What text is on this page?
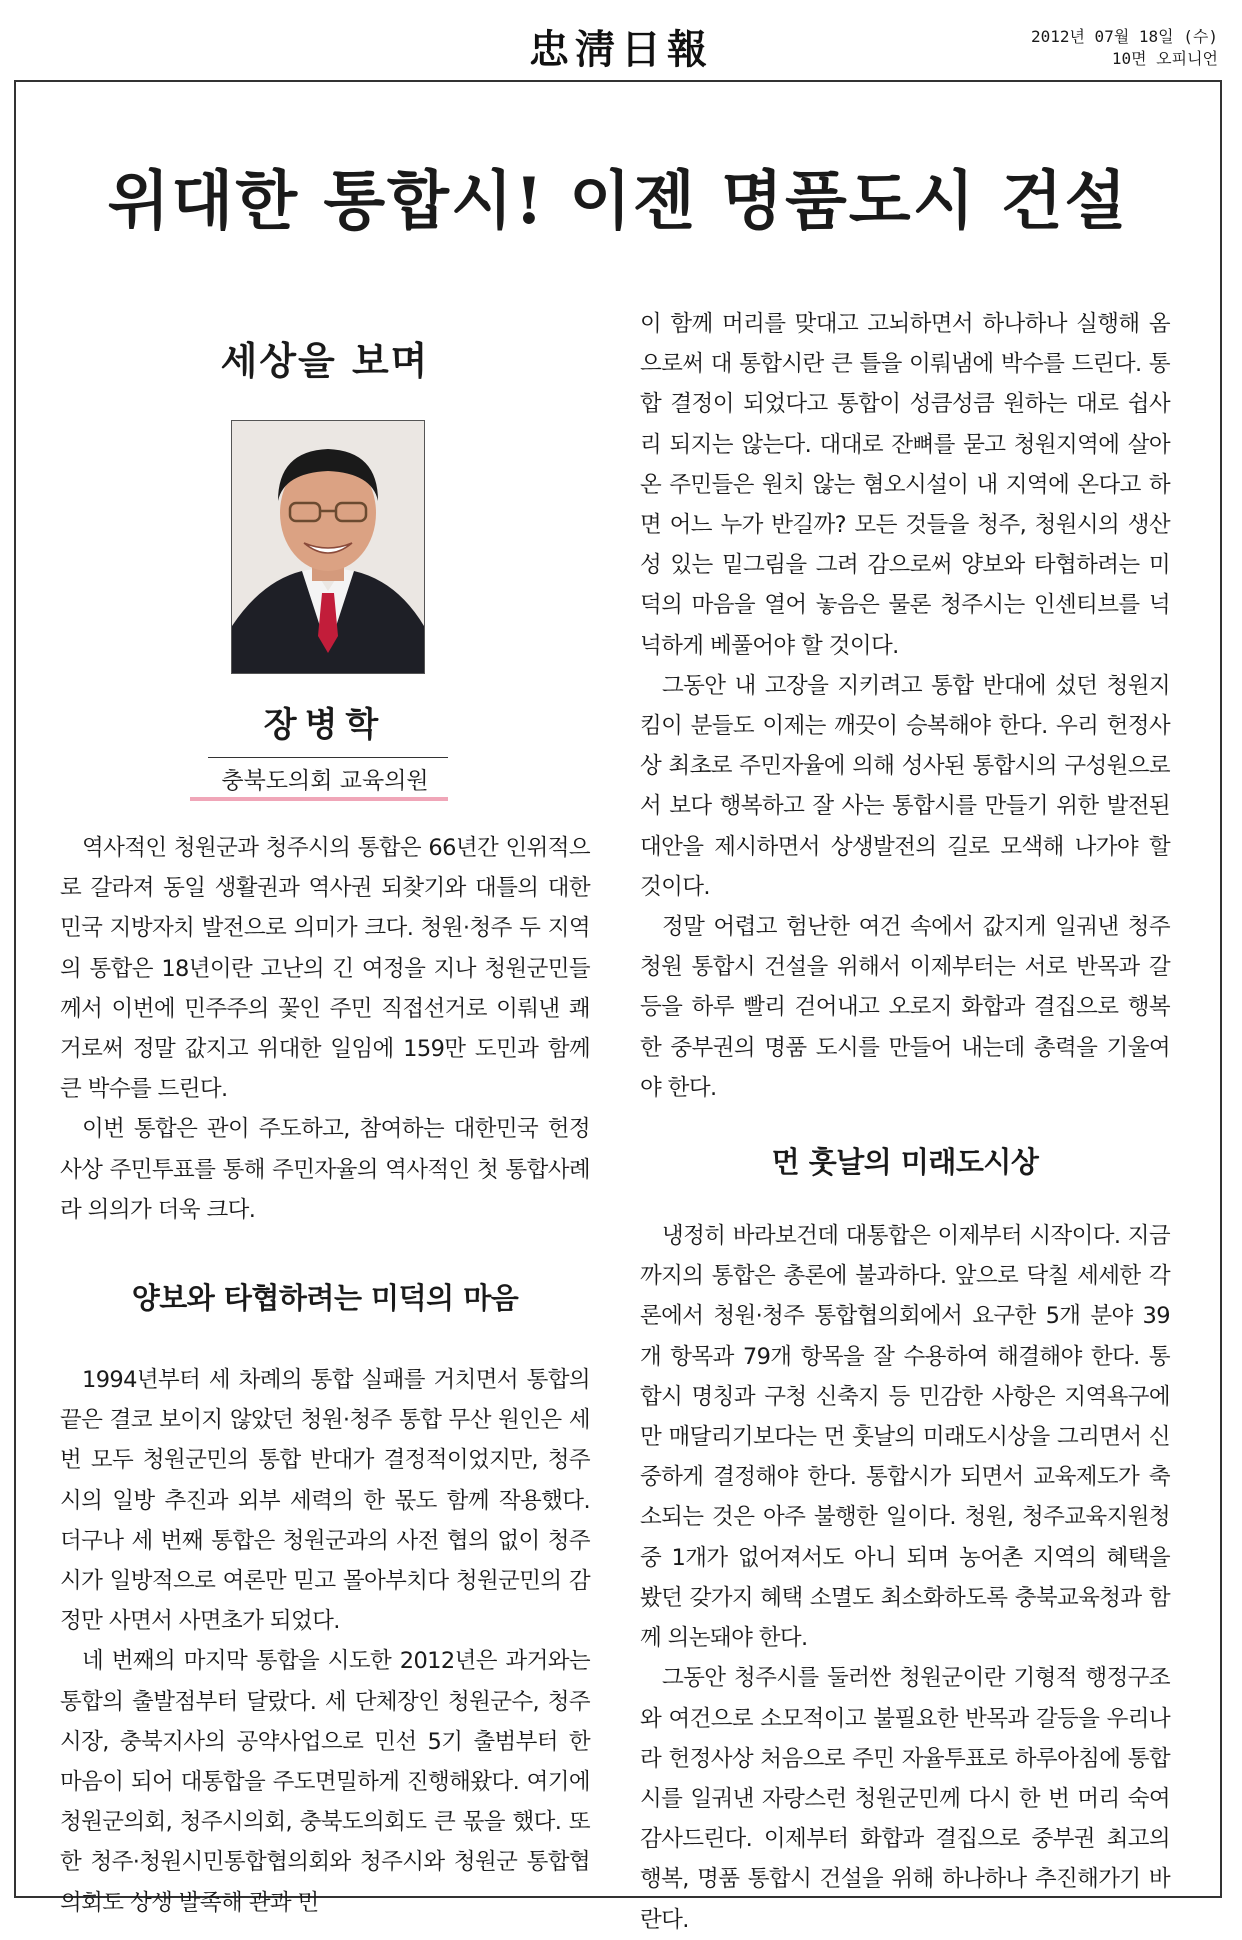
忠淸日報	2012년 07월 18일 (수)
10면 오피니언
위대한 통합시! 이젠 명품도시 건설
세상을 보며
장병학
충북도의회 교육의원

역사적인 청원군과 청주시의 통합은 66년간 인위적으로 갈라져 동일 생활권과 역사권 되찾기와 대틀의 대한민국 지방자치 발전으로 의미가 크다. 청원·청주 두 지역의 통합은 18년이란 고난의 긴 여정을 지나 청원군민들께서 이번에 민주주의 꽃인 주민 직접선거로 이뤄낸 쾌거로써 정말 값지고 위대한 일임에 159만 도민과 함께 큰 박수를 드린다.

이번 통합은 관이 주도하고, 참여하는 대한민국 헌정사상 주민투표를 통해 주민자율의 역사적인 첫 통합사례라 의의가 더욱 크다.

양보와 타협하려는 미덕의 마음

1994년부터 세 차례의 통합 실패를 거치면서 통합의 끝은 결코 보이지 않았던 청원·청주 통합 무산 원인은 세 번 모두 청원군민의 통합 반대가 결정적이었지만, 청주시의 일방 추진과 외부 세력의 한 몫도 함께 작용했다. 더구나 세 번째 통합은 청원군과의 사전 협의 없이 청주시가 일방적으로 여론만 믿고 몰아부치다 청원군민의 감정만 사면서 사면초가 되었다.

네 번째의 마지막 통합을 시도한 2012년은 과거와는 통합의 출발점부터 달랐다. 세 단체장인 청원군수, 청주시장, 충북지사의 공약사업으로 민선 5기 출범부터 한 마음이 되어 대통합을 주도면밀하게 진행해왔다. 여기에 청원군의회, 청주시의회, 충북도의회도 큰 몫을 했다. 또한 청주·청원시민통합협의회와 청주시와 청원군 통합협의회도 상생 발족해 관과 민

이 함께 머리를 맞대고 고뇌하면서 하나하나 실행해 옴으로써 대 통합시란 큰 틀을 이뤄냄에 박수를 드린다. 통합 결정이 되었다고 통합이 성큼성큼 원하는 대로 쉽사리 되지는 않는다. 대대로 잔뼈를 묻고 청원지역에 살아온 주민들은 원치 않는 혐오시설이 내 지역에 온다고 하면 어느 누가 반길까? 모든 것들을 청주, 청원시의 생산성 있는 밑그림을 그려 감으로써 양보와 타협하려는 미덕의 마음을 열어 놓음은 물론 청주시는 인센티브를 넉넉하게 베풀어야 할 것이다.

그동안 내 고장을 지키려고 통합 반대에 섰던 청원지킴이 분들도 이제는 깨끗이 승복해야 한다. 우리 헌정사상 최초로 주민자율에 의해 성사된 통합시의 구성원으로서 보다 행복하고 잘 사는 통합시를 만들기 위한 발전된 대안을 제시하면서 상생발전의 길로 모색해 나가야 할 것이다.

정말 어렵고 험난한 여건 속에서 값지게 일궈낸 청주 청원 통합시 건설을 위해서 이제부터는 서로 반목과 갈등을 하루 빨리 걷어내고 오로지 화합과 결집으로 행복한 중부권의 명품 도시를 만들어 내는데 총력을 기울여야 한다.

먼 훗날의 미래도시상

냉정히 바라보건데 대통합은 이제부터 시작이다. 지금까지의 통합은 총론에 불과하다. 앞으로 닥칠 세세한 각론에서 청원·청주 통합협의회에서 요구한 5개 분야 39개 항목과 79개 항목을 잘 수용하여 해결해야 한다. 통합시 명칭과 구청 신축지 등 민감한 사항은 지역욕구에만 매달리기보다는 먼 훗날의 미래도시상을 그리면서 신중하게 결정해야 한다. 통합시가 되면서 교육제도가 축소되는 것은 아주 불행한 일이다. 청원, 청주교육지원청중 1개가 없어져서도 아니 되며 농어촌 지역의 혜택을 봤던 갖가지 혜택 소멸도 최소화하도록 충북교육청과 함께 의논돼야 한다.

그동안 청주시를 둘러싼 청원군이란 기형적 행정구조와 여건으로 소모적이고 불필요한 반목과 갈등을 우리나라 헌정사상 처음으로 주민 자율투표로 하루아침에 통합시를 일궈낸 자랑스런 청원군민께 다시 한 번 머리 숙여 감사드린다. 이제부터 화합과 결집으로 중부권 최고의 행복, 명품 통합시 건설을 위해 하나하나 추진해가기 바란다.
